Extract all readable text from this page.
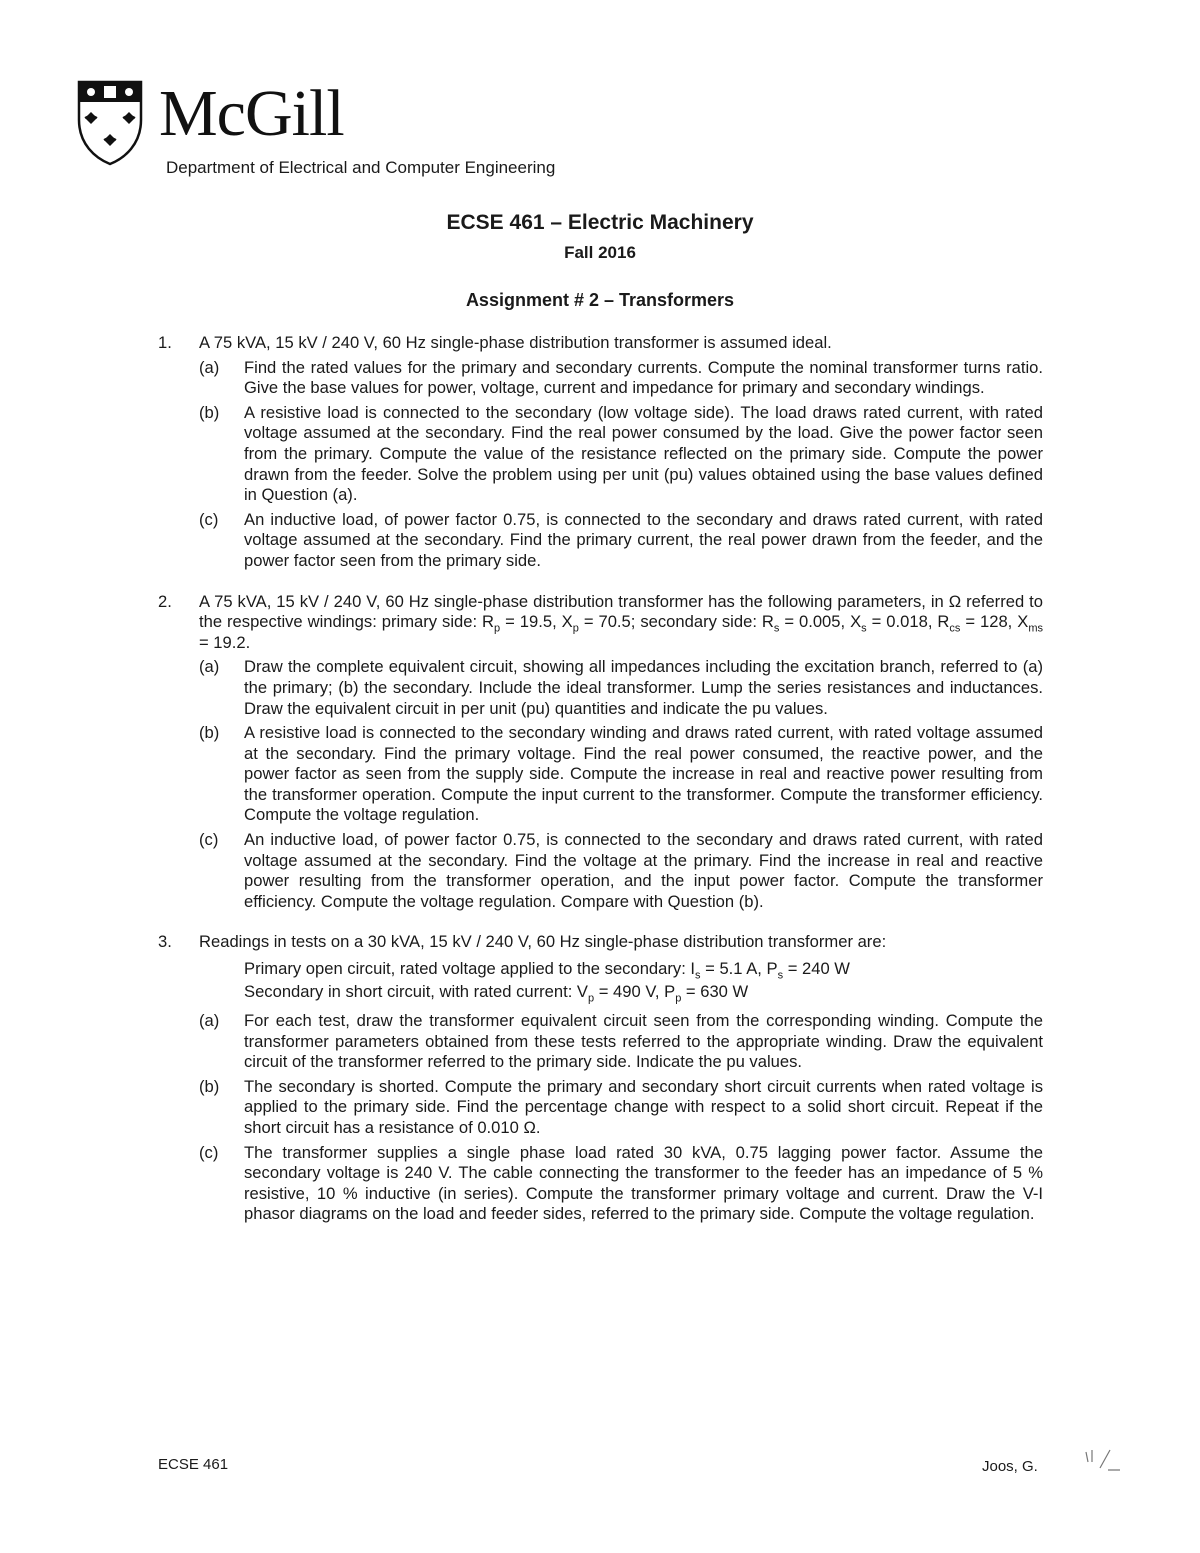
McGill
Department of Electrical and Computer Engineering
ECSE 461 – Electric Machinery
Fall 2016
Assignment # 2 – Transformers
1. A 75 kVA, 15 kV / 240 V, 60 Hz single-phase distribution transformer is assumed ideal.
(a) Find the rated values for the primary and secondary currents. Compute the nominal transformer turns ratio. Give the base values for power, voltage, current and impedance for primary and secondary windings.
(b) A resistive load is connected to the secondary (low voltage side). The load draws rated current, with rated voltage assumed at the secondary. Find the real power consumed by the load. Give the power factor seen from the primary. Compute the value of the resistance reflected on the primary side. Compute the power drawn from the feeder. Solve the problem using per unit (pu) values obtained using the base values defined in Question (a).
(c) An inductive load, of power factor 0.75, is connected to the secondary and draws rated current, with rated voltage assumed at the secondary. Find the primary current, the real power drawn from the feeder, and the power factor seen from the primary side.
2. A 75 kVA, 15 kV / 240 V, 60 Hz single-phase distribution transformer has the following parameters, in Ω referred to the respective windings: primary side: $R_p = 19.5$, $X_p = 70.5$; secondary side: $R_s = 0.005$, $X_s = 0.018$, $R_{cs} = 128$, $X_{ms} = 19.2$.
(a) Draw the complete equivalent circuit, showing all impedances including the excitation branch, referred to (a) the primary; (b) the secondary. Include the ideal transformer. Lump the series resistances and inductances. Draw the equivalent circuit in per unit (pu) quantities and indicate the pu values.
(b) A resistive load is connected to the secondary winding and draws rated current, with rated voltage assumed at the secondary. Find the primary voltage. Find the real power consumed, the reactive power, and the power factor as seen from the supply side. Compute the increase in real and reactive power resulting from the transformer operation. Compute the input current to the transformer. Compute the transformer efficiency. Compute the voltage regulation.
(c) An inductive load, of power factor 0.75, is connected to the secondary and draws rated current, with rated voltage assumed at the secondary. Find the voltage at the primary. Find the increase in real and reactive power resulting from the transformer operation, and the input power factor. Compute the transformer efficiency. Compute the voltage regulation. Compare with Question (b).
3. Readings in tests on a 30 kVA, 15 kV / 240 V, 60 Hz single-phase distribution transformer are:
Primary open circuit, rated voltage applied to the secondary: $I_s = 5.1$ A, $P_s = 240$ W
Secondary in short circuit, with rated current: $V_p = 490$ V, $P_p = 630$ W
(a) For each test, draw the transformer equivalent circuit seen from the corresponding winding. Compute the transformer parameters obtained from these tests referred to the appropriate winding. Draw the equivalent circuit of the transformer referred to the primary side. Indicate the pu values.
(b) The secondary is shorted. Compute the primary and secondary short circuit currents when rated voltage is applied to the primary side. Find the percentage change with respect to a solid short circuit. Repeat if the short circuit has a resistance of 0.010 Ω.
(c) The transformer supplies a single phase load rated 30 kVA, 0.75 lagging power factor. Assume the secondary voltage is 240 V. The cable connecting the transformer to the feeder has an impedance of 5 % resistive, 10 % inductive (in series). Compute the transformer primary voltage and current. Draw the V-I phasor diagrams on the load and feeder sides, referred to the primary side. Compute the voltage regulation.
ECSE 461	Joos, G.
